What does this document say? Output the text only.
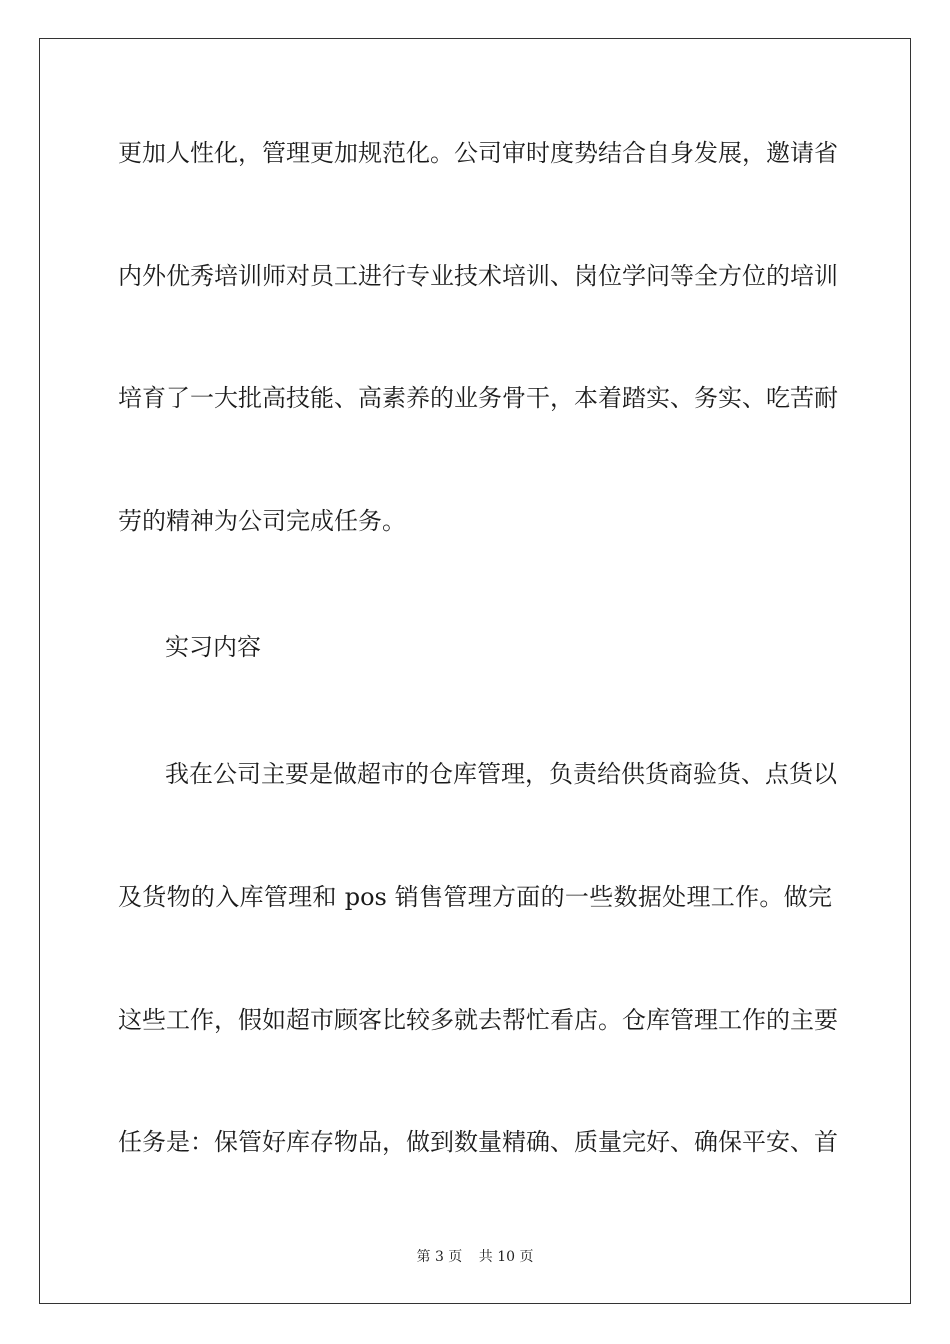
更加人性化，管理更加规范化。公司审时度势结合自身发展，邀请省
内外优秀培训师对员工进行专业技术培训、岗位学问等全方位的培训
培育了一大批高技能、高素养的业务骨干，本着踏实、务实、吃苦耐
劳的精神为公司完成任务。
实习内容
我在公司主要是做超市的仓库管理，负责给供货商验货、点货以
及货物的入库管理和 pos 销售管理方面的一些数据处理工作。做完
这些工作，假如超市顾客比较多就去帮忙看店。仓库管理工作的主要
任务是：保管好库存物品，做到数量精确、质量完好、确保平安、首
第 3 页 共 10 页
